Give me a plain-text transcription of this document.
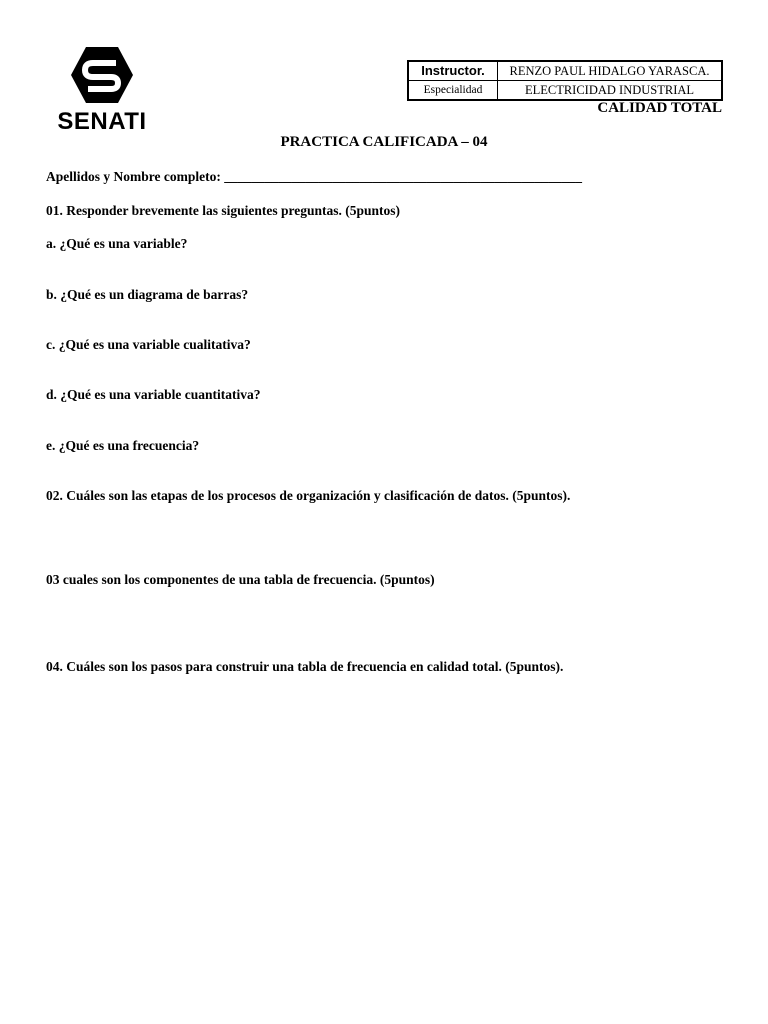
SENATI
Instructor.	RENZO PAUL HIDALGO YARASCA.
Especialidad	ELECTRICIDAD INDUSTRIAL
CALIDAD TOTAL
PRACTICA CALIFICADA – 04
Apellidos y Nombre completo: _____________________________________________________
01. Responder brevemente las siguientes preguntas. (5puntos)
a. ¿Qué es una variable?
b. ¿Qué es un diagrama de barras?
c. ¿Qué es una variable cualitativa?
d. ¿Qué es una variable cuantitativa?
e. ¿Qué es una frecuencia?
02. Cuáles son las etapas de los procesos de organización y clasificación de datos. (5puntos).
03 cuales son los componentes de una tabla de frecuencia. (5puntos)
04. Cuáles son los pasos para construir una tabla de frecuencia en calidad total. (5puntos).
